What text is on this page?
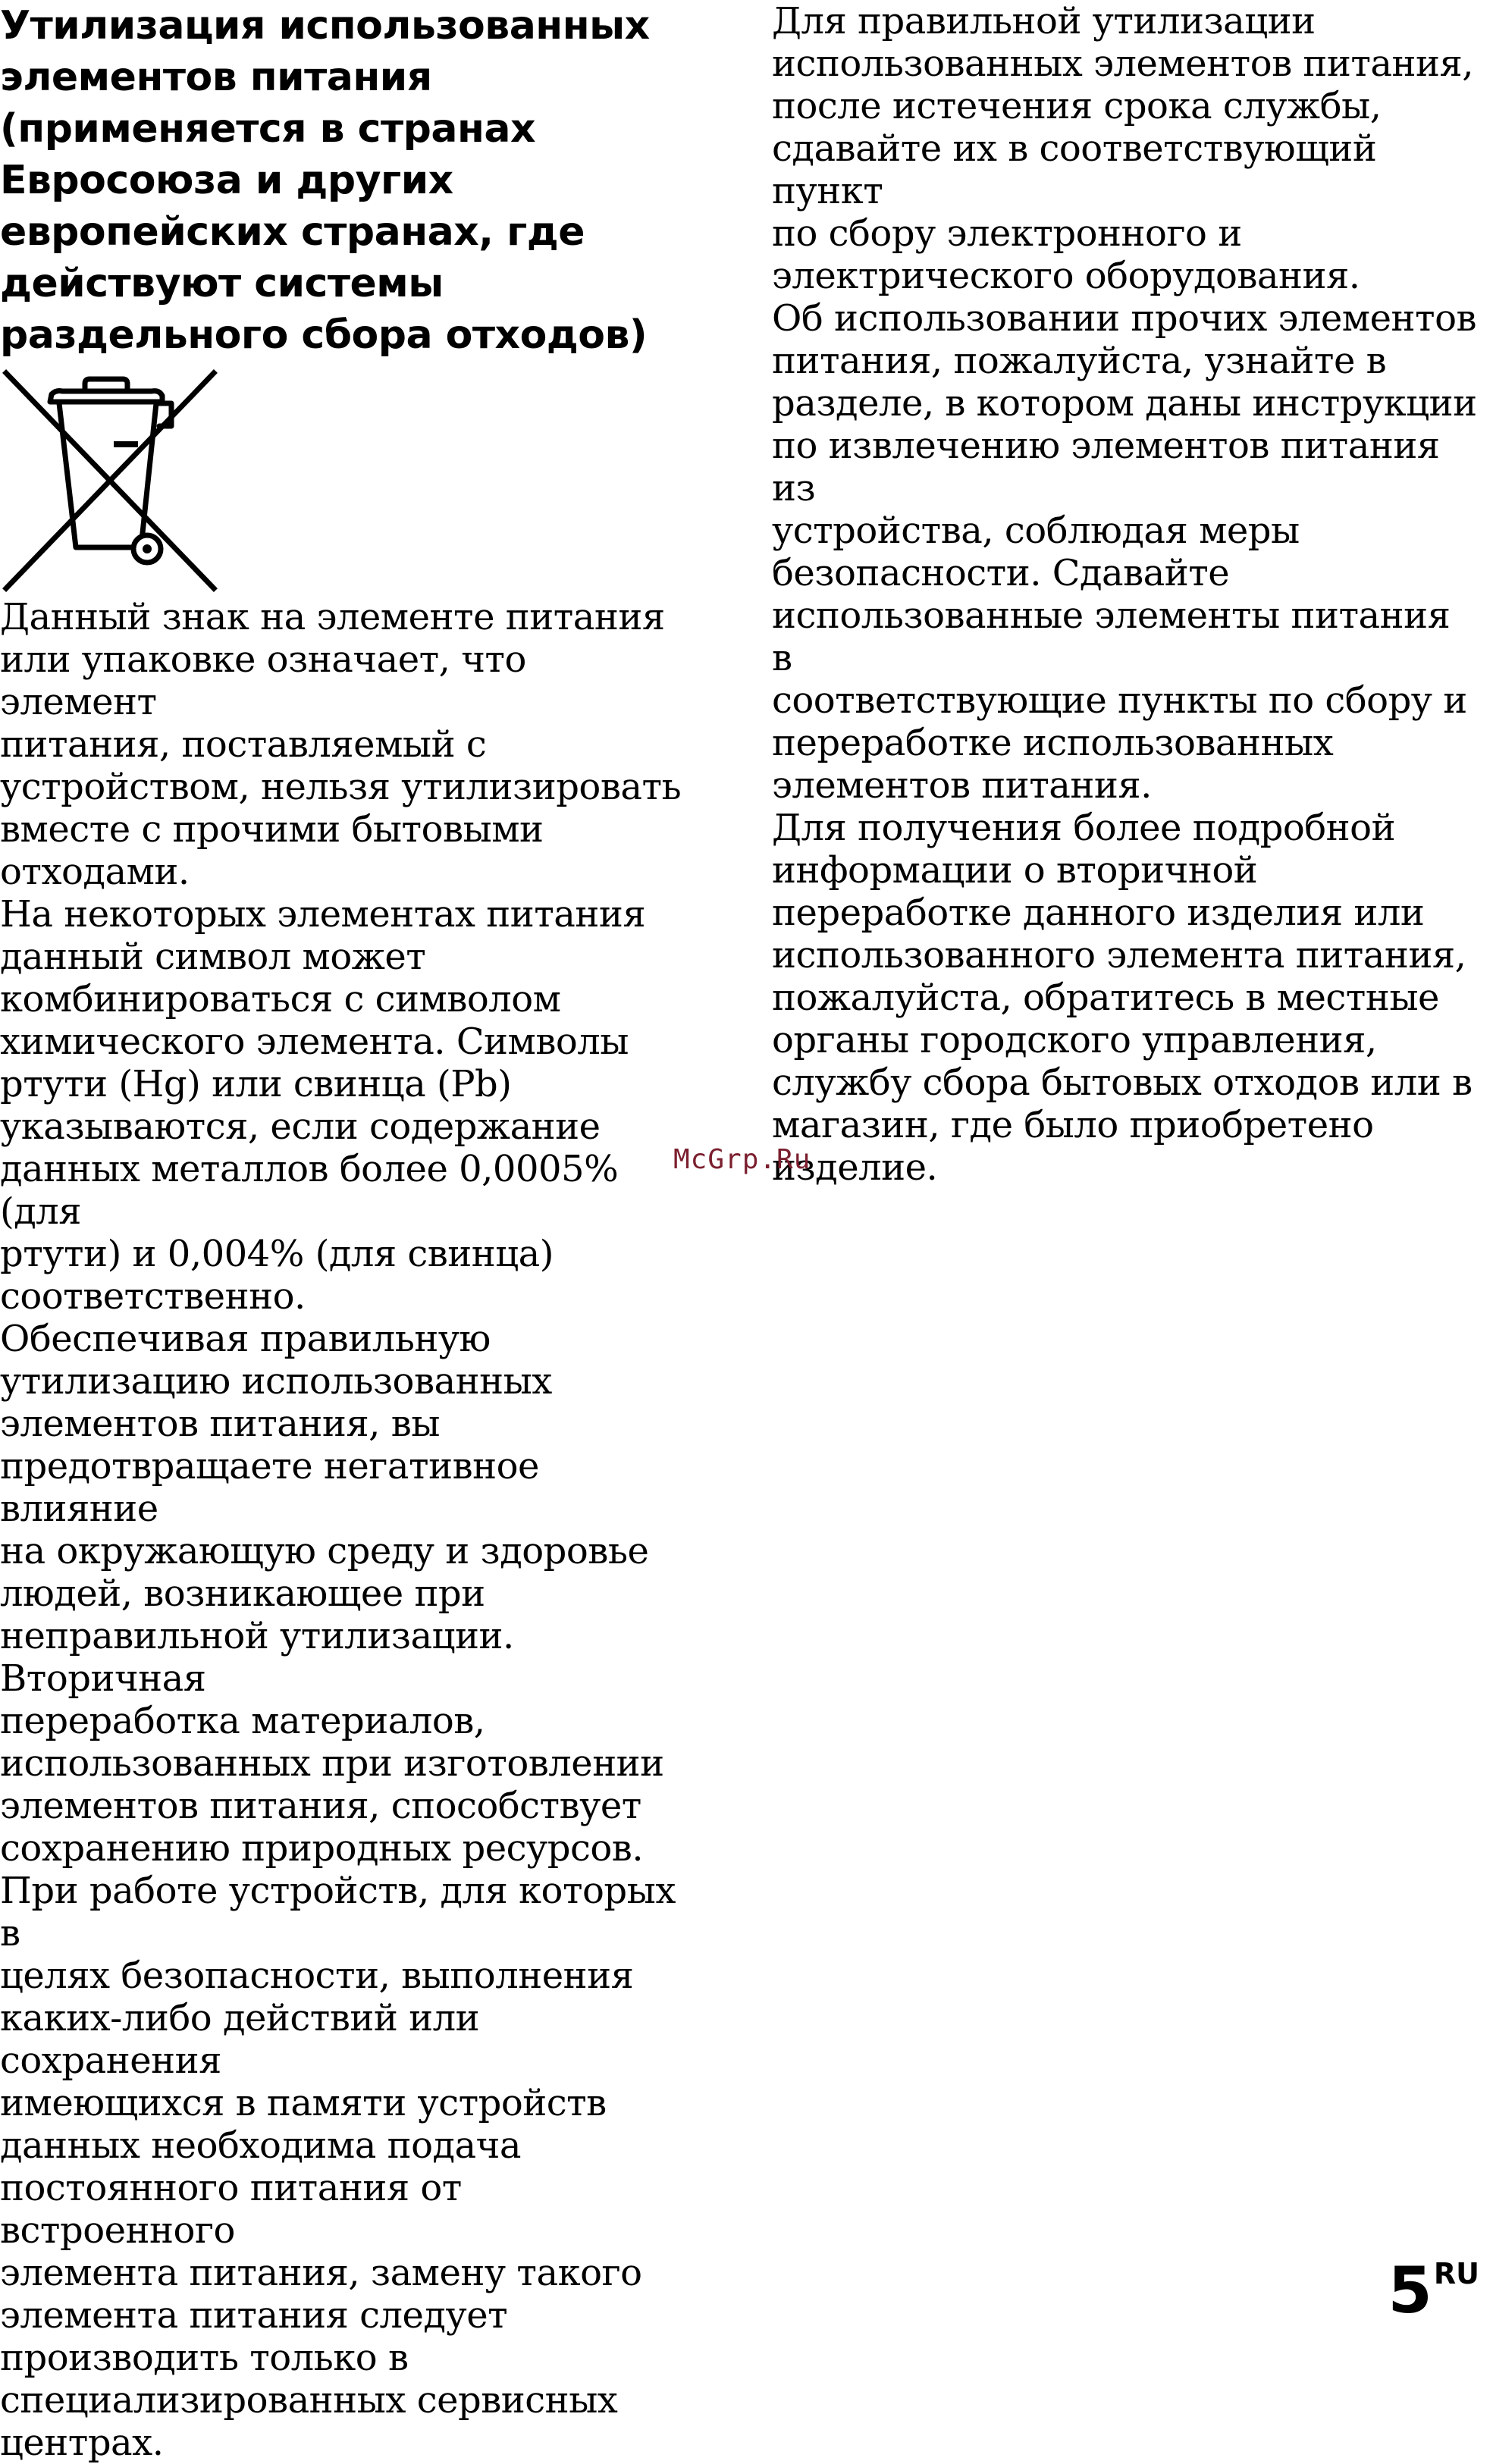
Утилизация использованных
элементов питания
(применяется в странах
Евросоюза и других
европейских странах, где
действуют системы
раздельного сбора отходов)

Данный знак на элементе питания
или упаковке означает, что элемент
питания, поставляемый с
устройством, нельзя утилизировать
вместе с прочими бытовыми
отходами.

На некоторых элементах питания
данный символ может
комбинироваться с символом
химического элемента. Символы
ртути (Hg) или свинца (Pb)
указываются, если содержание
данных металлов более 0,0005% (для
ртути) и 0,004% (для свинца)
соответственно.

Обеспечивая правильную
утилизацию использованных
элементов питания, вы
предотвращаете негативное влияние
на окружающую среду и здоровье
людей, возникающее при
неправильной утилизации. Вторичная
переработка материалов,
использованных при изготовлении
элементов питания, способствует
сохранению природных ресурсов.

При работе устройств, для которых в
целях безопасности, выполнения
каких-либо действий или сохранения
имеющихся в памяти устройств
данных необходима подача
постоянного питания от встроенного
элемента питания, замену такого
элемента питания следует
производить только в
специализированных сервисных
центрах.

Для правильной утилизации
использованных элементов питания,
после истечения срока службы,
сдавайте их в соответствующий пункт
по сбору электронного и
электрического оборудования.

Об использовании прочих элементов
питания, пожалуйста, узнайте в
разделе, в котором даны инструкции
по извлечению элементов питания из
устройства, соблюдая меры
безопасности. Сдавайте
использованные элементы питания в
соответствующие пункты по сбору и
переработке использованных
элементов питания.

Для получения более подробной
информации о вторичной
переработке данного изделия или
использованного элемента питания,
пожалуйста, обратитесь в местные
органы городского управления,
службу сбора бытовых отходов или в
магазин, где было приобретено
изделие.

McGrp.Ru
5 RU
